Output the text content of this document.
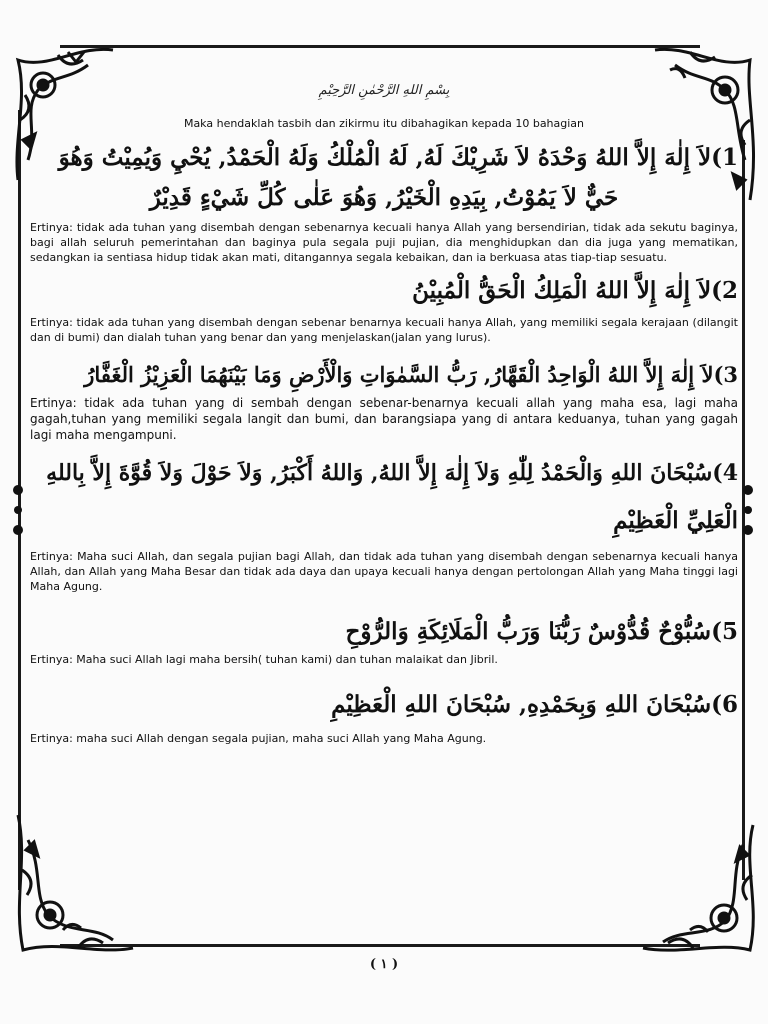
بِسْمِ اللهِ الرَّحْمٰنِ الرَّحِيْمِ
Maka hendaklah tasbih dan zikirmu itu dibahagikan kepada 10 bahagian

1)لاَ إِلٰهَ إِلاَّ اللهُ وَحْدَهُ لاَ شَرِيْكَ لَهُ, لَهُ الْمُلْكُ وَلَهُ الْحَمْدُ, يُحْيِ وَيُمِيْتُ وَهُوَ

حَيٌّ لاَ يَمُوْتُ, بِيَدِهِ الْخَيْرُ, وَهُوَ عَلٰى كُلِّ شَيْءٍ قَدِيْرٌ

Ertinya: tidak ada tuhan yang disembah dengan sebenarnya kecuali hanya Allah yang bersendirian, tidak ada sekutu baginya, bagi allah seluruh pemerintahan dan baginya pula segala puji pujian, dia menghidupkan dan dia juga yang mematikan, sedangkan ia sentiasa hidup tidak akan mati, ditangannya segala kebaikan, dan ia berkuasa atas tiap-tiap sesuatu.

2)لاَ إِلٰهَ إِلاَّ اللهُ الْمَلِكُ الْحَقُّ الْمُبِيْنُ

Ertinya: tidak ada tuhan yang disembah dengan sebenar benarnya kecuali hanya Allah, yang memiliki segala kerajaan (dilangit dan di bumi) dan dialah tuhan yang benar dan yang menjelaskan(jalan yang lurus).

3)لاَ إِلٰهَ إِلاَّ اللهُ الْوَاحِدُ الْقَهَّارُ, رَبُّ السَّمٰوَاتِ وَالْأَرْضِ وَمَا بَيْنَهُمَا الْعَزِيْزُ الْغَفَّارُ

Ertinya: tidak ada tuhan yang di sembah dengan sebenar-benarnya kecuali allah yang maha esa, lagi maha gagah,tuhan yang memiliki segala langit dan bumi, dan barangsiapa yang di antara keduanya, tuhan yang gagah lagi maha mengampuni.

4)سُبْحَانَ اللهِ وَالْحَمْدُ لِلّٰهِ وَلاَ إِلٰهَ إِلاَّ اللهُ, وَاللهُ أَكْبَرُ, وَلاَ حَوْلَ وَلاَ قُوَّةَ إِلاَّ بِاللهِ

الْعَلِيِّ الْعَظِيْمِ

Ertinya: Maha suci Allah, dan segala pujian bagi Allah, dan tidak ada tuhan yang disembah dengan sebenarnya kecuali hanya Allah, dan Allah yang Maha Besar dan tidak ada daya dan upaya kecuali hanya dengan pertolongan Allah yang Maha tinggi lagi Maha Agung.

5)سُبُّوْحٌ قُدُّوْسٌ رَبُّنَا وَرَبُّ الْمَلَائِكَةِ وَالرُّوْحِ

Ertinya: Maha suci Allah lagi maha bersih( tuhan kami) dan tuhan malaikat dan Jibril.

6)سُبْحَانَ اللهِ وَبِحَمْدِهِ, سُبْحَانَ اللهِ الْعَظِيْمِ

Ertinya: maha suci Allah dengan segala pujian, maha suci Allah yang Maha Agung.

( ١ )
